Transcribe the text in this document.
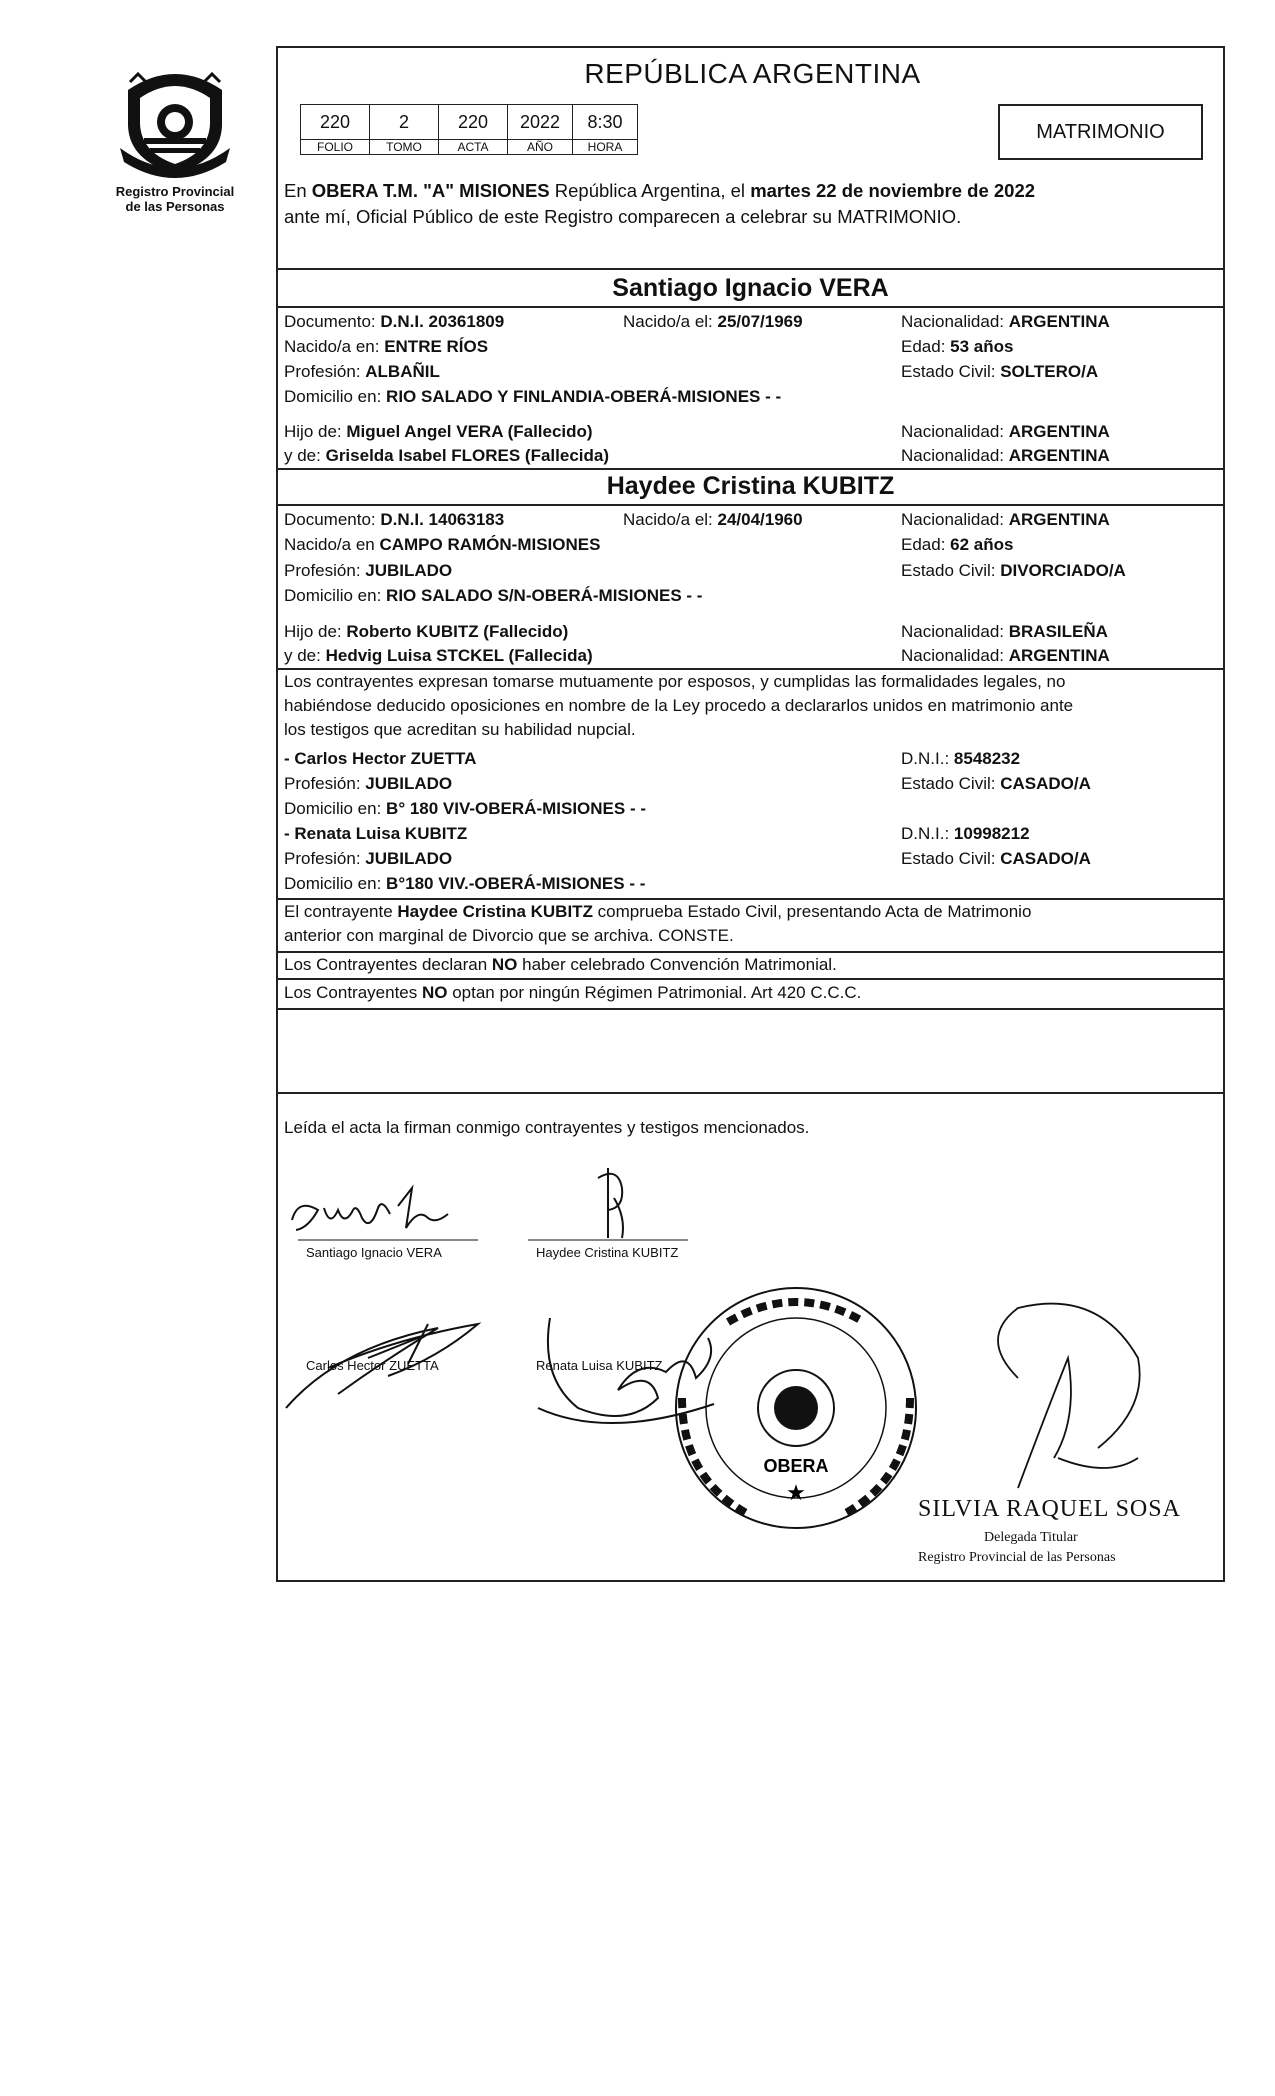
Registro Provincial
de las Personas
REPÚBLICA ARGENTINA
220	2	220	2022	8:30
FOLIO	TOMO	ACTA	AÑO	HORA
MATRIMONIO
En OBERA T.M. "A" MISIONES República Argentina, el martes 22 de noviembre de 2022
ante mí, Oficial Público de este Registro comparecen a celebrar su MATRIMONIO.
Santiago Ignacio VERA
Documento: D.N.I. 20361809	Nacido/a el: 25/07/1969	Nacionalidad: ARGENTINA
Nacido/a en: ENTRE RÍOS	Edad: 53 años
Profesión: ALBAÑIL	Estado Civil: SOLTERO/A
Domicilio en: RIO SALADO Y FINLANDIA-OBERÁ-MISIONES - -
Hijo de: Miguel Angel VERA (Fallecido)	Nacionalidad: ARGENTINA
y de: Griselda Isabel FLORES (Fallecida)	Nacionalidad: ARGENTINA
Haydee Cristina KUBITZ
Documento: D.N.I. 14063183	Nacido/a el: 24/04/1960	Nacionalidad: ARGENTINA
Nacido/a en CAMPO RAMÓN-MISIONES	Edad: 62 años
Profesión: JUBILADO	Estado Civil: DIVORCIADO/A
Domicilio en: RIO SALADO S/N-OBERÁ-MISIONES - -
Hijo de: Roberto KUBITZ (Fallecido)	Nacionalidad: BRASILEÑA
y de: Hedvig Luisa STCKEL (Fallecida)	Nacionalidad: ARGENTINA
Los contrayentes expresan tomarse mutuamente por esposos, y cumplidas las formalidades legales, no
habiéndose deducido oposiciones en nombre de la Ley procedo a declararlos unidos en matrimonio ante
los testigos que acreditan su habilidad nupcial.
- Carlos Hector ZUETTA	D.N.I.: 8548232
Profesión: JUBILADO	Estado Civil: CASADO/A
Domicilio en: B° 180 VIV-OBERÁ-MISIONES - -
- Renata Luisa KUBITZ	D.N.I.: 10998212
Profesión: JUBILADO	Estado Civil: CASADO/A
Domicilio en: B°180 VIV.-OBERÁ-MISIONES - -
El contrayente Haydee Cristina KUBITZ comprueba Estado Civil, presentando Acta de Matrimonio
anterior con marginal de Divorcio que se archiva. CONSTE.
Los Contrayentes declaran NO haber celebrado Convención Matrimonial.
Los Contrayentes NO optan por ningún Régimen Patrimonial. Art 420 C.C.C.
Leída el acta la firman conmigo contrayentes y testigos mencionados.
OBERA
★
Santiago Ignacio VERA	Haydee Cristina KUBITZ
Carlos Hector ZUETTA	Renata Luisa KUBITZ
SILVIA RAQUEL SOSA
Delegada Titular
Registro Provincial de las Personas
